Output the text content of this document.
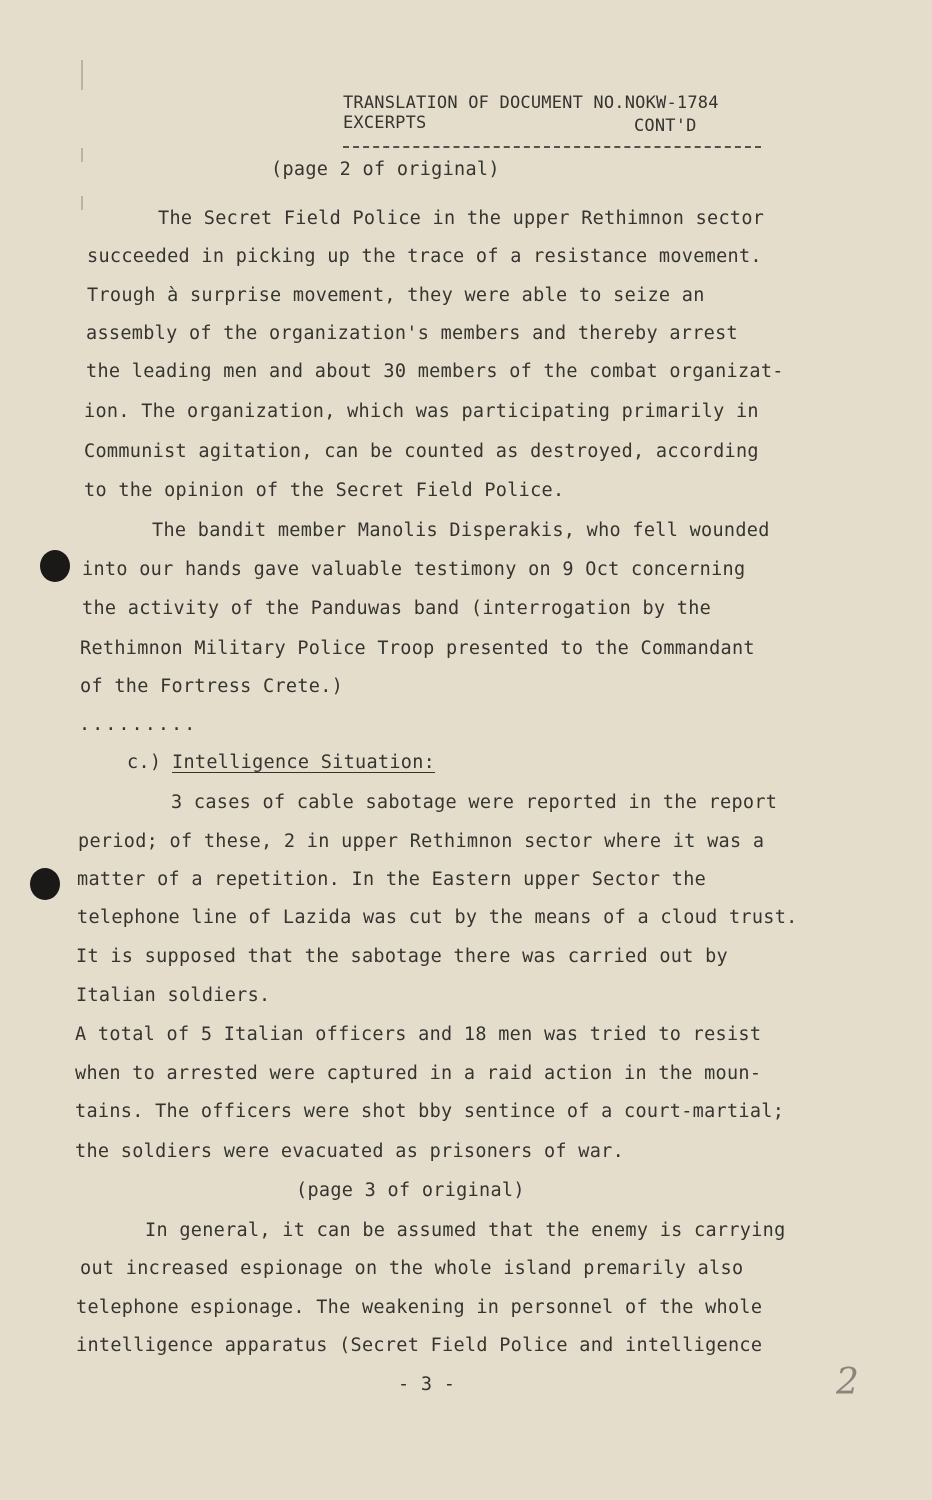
TRANSLATION OF DOCUMENT NO.NOKW-1784
EXCERPTS	CONT'D
(page 2 of original)
The Secret Field Police in the upper Rethimnon sector
succeeded in picking up the trace of a resistance movement.
Trough à surprise movement, they were able to seize an
assembly of the organization's members and thereby arrest
the leading men and about 30 members of the combat organizat-
ion. The organization, which was participating primarily in
Communist agitation, can be counted as destroyed, according
to the opinion of the Secret Field Police.
The bandit member Manolis Disperakis, who fell wounded
into our hands gave valuable testimony on 9 Oct concerning
the activity of the Panduwas band (interrogation by the
Rethimnon Military Police Troop presented to the Commandant
of the Fortress Crete.)
.........
c.) Intelligence Situation:
3 cases of cable sabotage were reported in the report
period; of these, 2 in upper Rethimnon sector where it was a
matter of a repetition. In the Eastern upper Sector the
telephone line of Lazida was cut by the means of a cloud trust.
It is supposed that the sabotage there was carried out by
Italian soldiers.
A total of 5 Italian officers and 18 men was tried to resist
when to arrested were captured in a raid action in the moun-
tains. The officers were shot bby sentince of a court-martial;
the soldiers were evacuated as prisoners of war.
(page 3 of original)
In general, it can be assumed that the enemy is carrying
out increased espionage on the whole island premarily also
telephone espionage. The weakening in personnel of the whole
intelligence apparatus (Secret Field Police and intelligence
- 3 -	2
